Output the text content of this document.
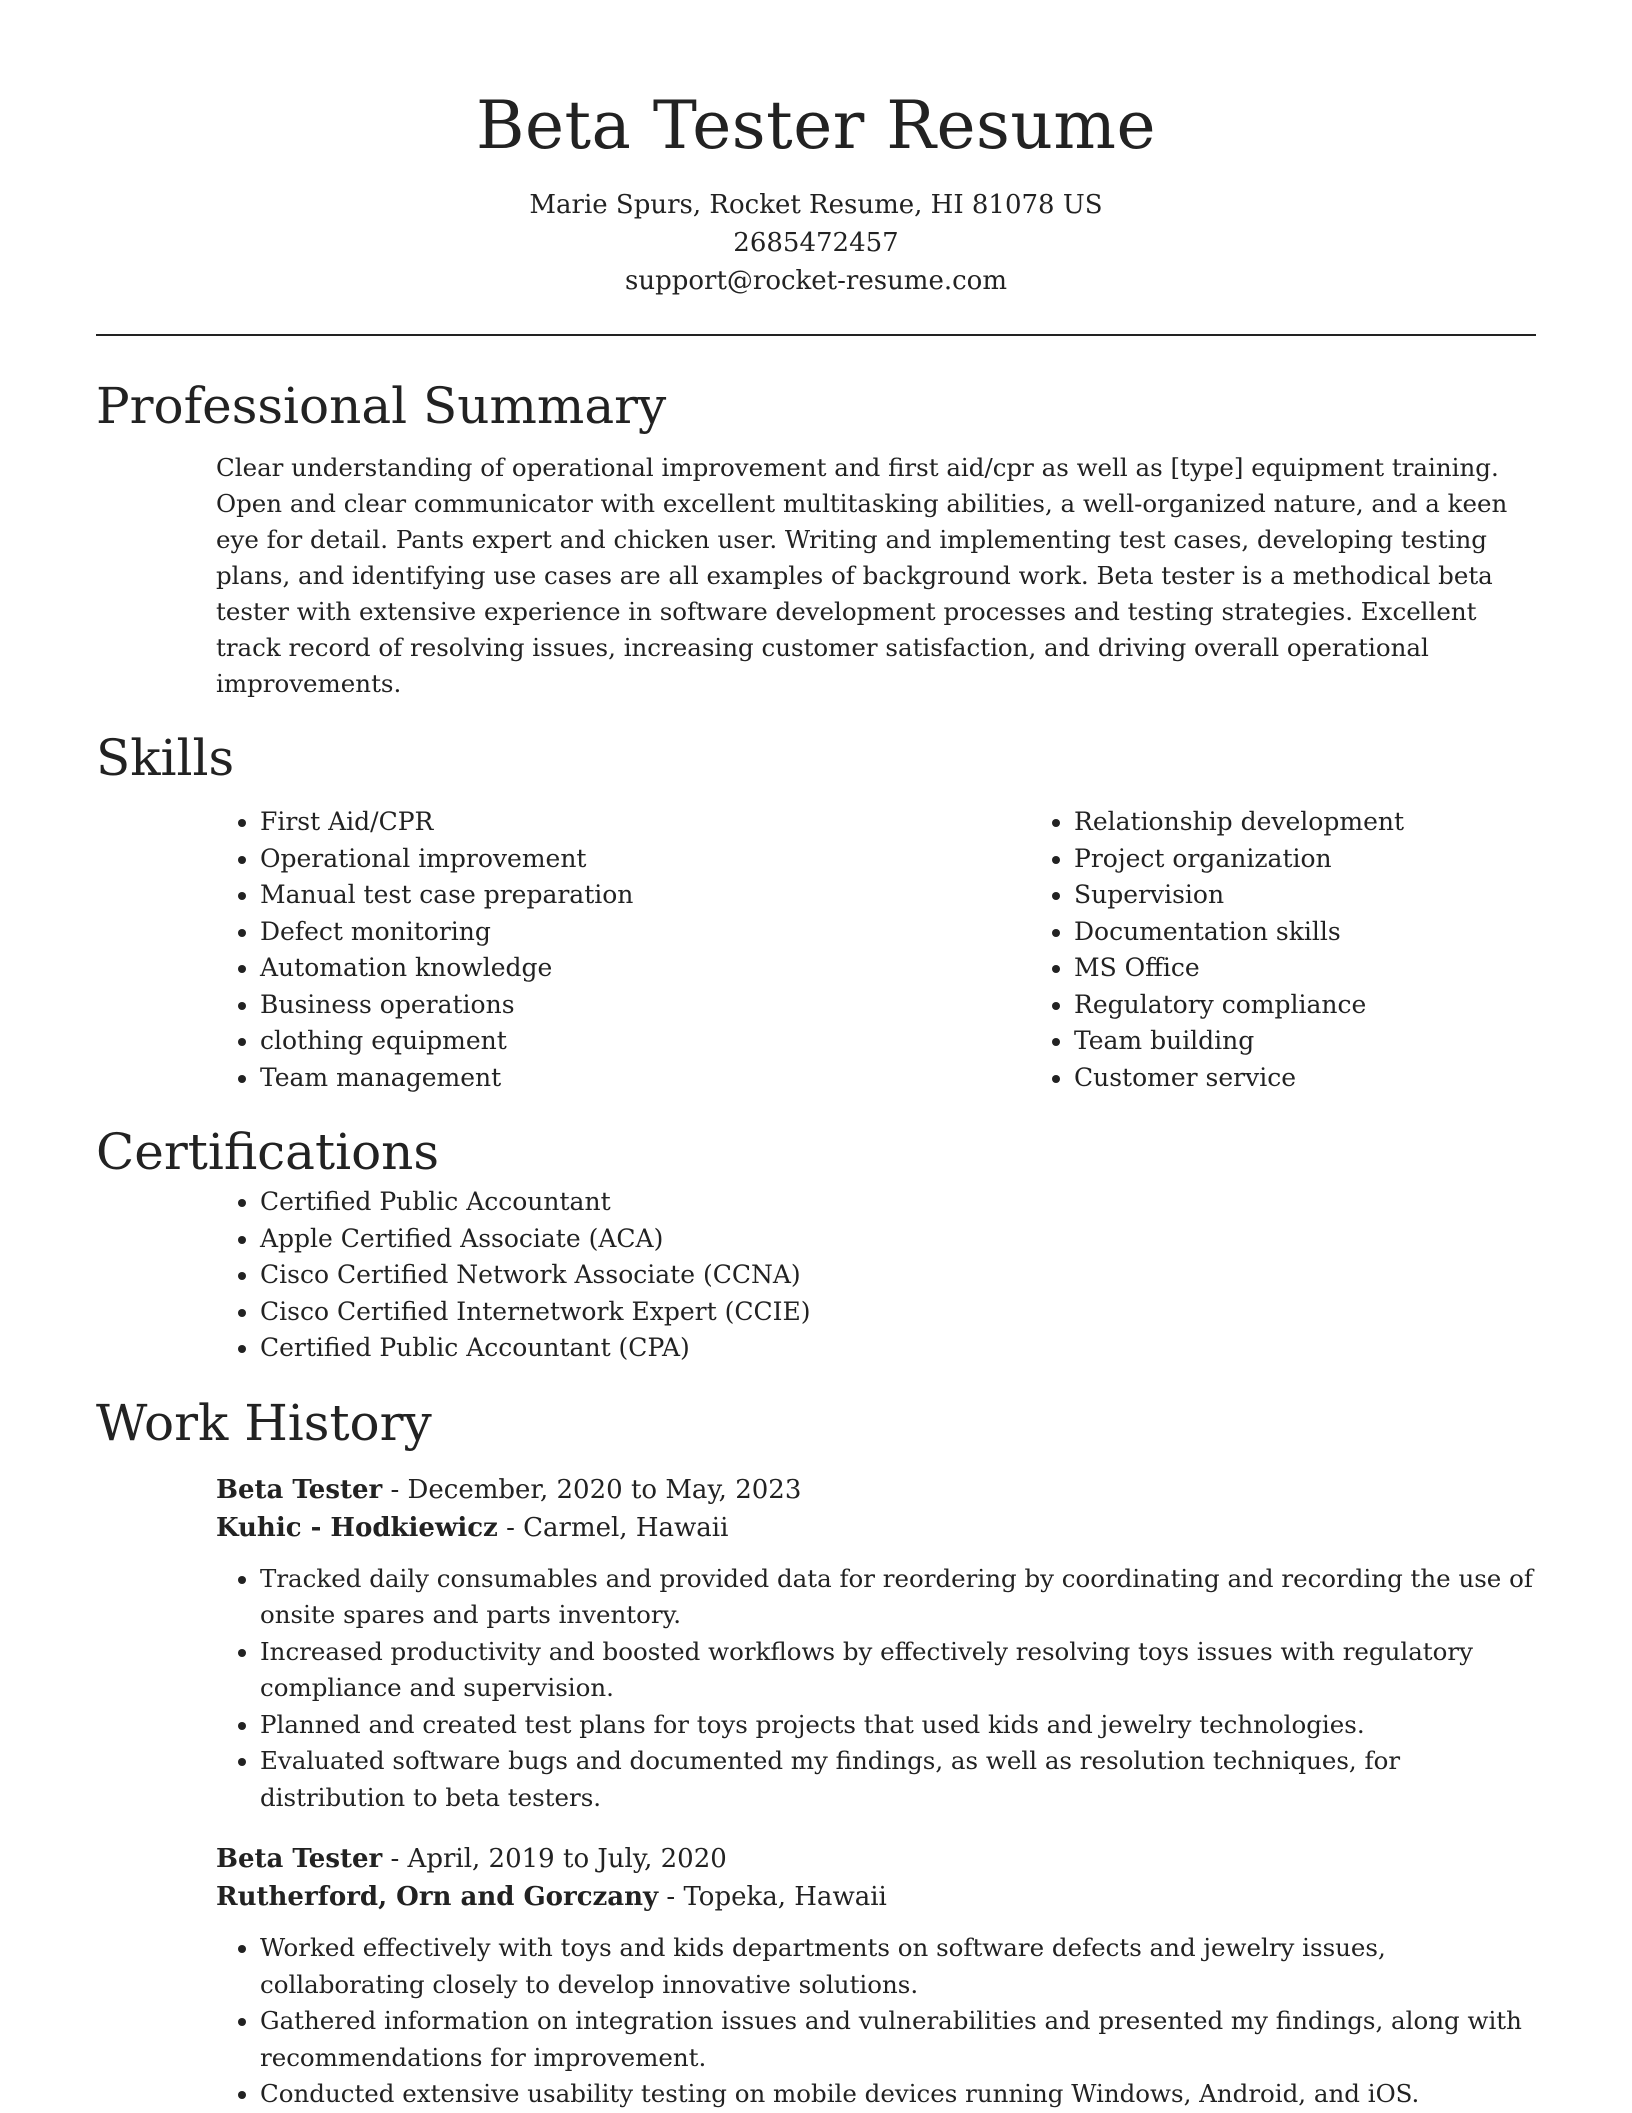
Beta Tester Resume
Marie Spurs, Rocket Resume, HI 81078 US
2685472457
support@rocket-resume.com
Professional Summary

Clear understanding of operational improvement and first aid/cpr as well as [type] equipment training. Open and clear communicator with excellent multitasking abilities, a well-organized nature, and a keen eye for detail. Pants expert and chicken user. Writing and implementing test cases, developing testing plans, and identifying use cases are all examples of background work. Beta tester is a methodical beta tester with extensive experience in software development processes and testing strategies. Excellent track record of resolving issues, increasing customer satisfaction, and driving overall operational improvements.

Skills
• First Aid/CPR
• Operational improvement
• Manual test case preparation
• Defect monitoring
• Automation knowledge
• Business operations
• clothing equipment
• Team management
• Relationship development
• Project organization
• Supervision
• Documentation skills
• MS Office
• Regulatory compliance
• Team building
• Customer service
Certifications
• Certified Public Accountant
• Apple Certified Associate (ACA)
• Cisco Certified Network Associate (CCNA)
• Cisco Certified Internetwork Expert (CCIE)
• Certified Public Accountant (CPA)
Work History
Beta Tester - December, 2020 to May, 2023
Kuhic - Hodkiewicz - Carmel, Hawaii
• Tracked daily consumables and provided data for reordering by coordinating and recording the use of onsite spares and parts inventory.
• Increased productivity and boosted workflows by effectively resolving toys issues with regulatory compliance and supervision.
• Planned and created test plans for toys projects that used kids and jewelry technologies.
• Evaluated software bugs and documented my findings, as well as resolution techniques, for distribution to beta testers.
Beta Tester - April, 2019 to July, 2020
Rutherford, Orn and Gorczany - Topeka, Hawaii
• Worked effectively with toys and kids departments on software defects and jewelry issues, collaborating closely to develop innovative solutions.
• Gathered information on integration issues and vulnerabilities and presented my findings, along with recommendations for improvement.
• Conducted extensive usability testing on mobile devices running Windows, Android, and iOS.
